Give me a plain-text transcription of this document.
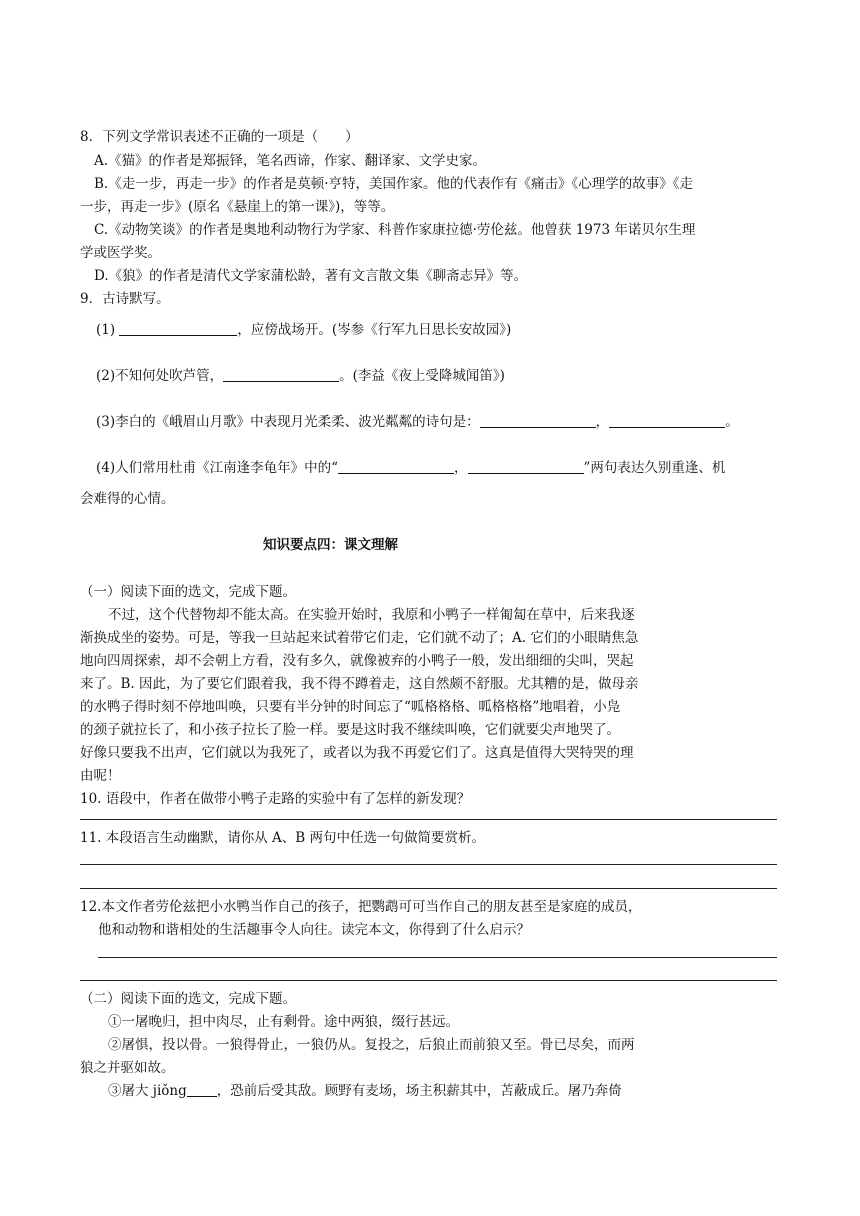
8．下列文学常识表述不正确的一项是（　　）
A.《猫》的作者是郑振铎，笔名西谛，作家、翻译家、文学史家。
B.《走一步，再走一步》的作者是莫顿·亨特，美国作家。他的代表作有《痛击》《心理学的故事》《走
一步，再走一步》(原名《悬崖上的第一课》)，等等。
C.《动物笑谈》的作者是奥地利动物行为学家、科普作家康拉德·劳伦兹。他曾获 1973 年诺贝尔生理
学或医学奖。
D.《狼》的作者是清代文学家蒲松龄，著有文言散文集《聊斋志异》等。
9．古诗默写。
(1)	，应傍战场开。(岑参《行军九日思长安故园》)
(2)不知何处吹芦管，	。(李益《夜上受降城闻笛》)
(3)李白的《峨眉山月歌》中表现月光柔柔、波光粼粼的诗句是：	，	。
(4)人们常用杜甫《江南逢李龟年》中的“	，	”两句表达久别重逢、机
会难得的心情。
知识要点四：课文理解
（一）阅读下面的选文，完成下题。
不过，这个代替物却不能太高。在实验开始时，我原和小鸭子一样匍匐在草中，后来我逐
渐换成坐的姿势。可是，等我一旦站起来试着带它们走，它们就不动了；A. 它们的小眼睛焦急
地向四周探索，却不会朝上方看，没有多久，就像被弃的小鸭子一般，发出细细的尖叫，哭起
来了。B. 因此，为了要它们跟着我，我不得不蹲着走，这自然颇不舒服。尤其糟的是，做母亲
的水鸭子得时刻不停地叫唤，只要有半分钟的时间忘了“呱格格格、呱格格格”地唱着，小凫
的颈子就拉长了，和小孩子拉长了脸一样。要是这时我不继续叫唤，它们就要尖声地哭了。
好像只要我不出声，它们就以为我死了，或者以为我不再爱它们了。这真是值得大哭特哭的理
由呢！
10. 语段中，作者在做带小鸭子走路的实验中有了怎样的新发现？
11. 本段语言生动幽默，请你从 A、B 两句中任选一句做简要赏析。
12.本文作者劳伦兹把小水鸭当作自己的孩子，把鹦鹉可可当作自己的朋友甚至是家庭的成员，
他和动物和谐相处的生活趣事令人向往。读完本文，你得到了什么启示？
（二）阅读下面的选文，完成下题。
①一屠晚归，担中肉尽，止有剩骨。途中两狼，缀行甚远。
②屠惧，投以骨。一狼得骨止，一狼仍从。复投之，后狼止而前狼又至。骨已尽矣，而两
狼之并驱如故。
③屠大 jiǒng ，恐前后受其敌。顾野有麦场，场主积薪其中，苫蔽成丘。屠乃奔倚
